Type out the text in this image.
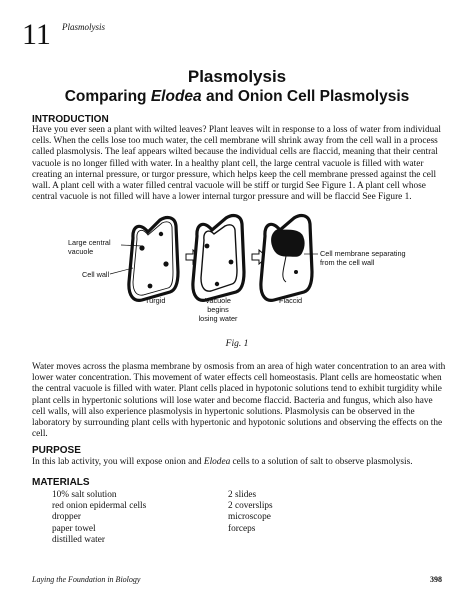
11 Plasmolysis
Plasmolysis
Comparing Elodea and Onion Cell Plasmolysis
INTRODUCTION

Have you ever seen a plant with wilted leaves? Plant leaves wilt in response to a loss of water from individual cells. When the cells lose too much water, the cell membrane will shrink away from the cell wall in a process called plasmolysis. The leaf appears wilted because the individual cells are flaccid, meaning that their central vacuole is no longer filled with water. In a healthy plant cell, the large central vacuole is filled with water creating an internal pressure, or turgor pressure, which helps keep the cell membrane pressed against the cell wall. A plant cell with a water filled central vacuole will be stiff or turgid See Figure 1. A plant cell whose central vacuole is not filled will have a lower internal turgor pressure and will be flaccid See Figure 1.

Large central
vacuole
Cell wall
Cell membrane separating
from the cell wall
Turgid	Vacuole
begins
losing water
Flaccid
Fig. 1

Water moves across the plasma membrane by osmosis from an area of high water concentration to an area with lower water concentration. This movement of water effects cell homeostasis. Plant cells are homeostatic when the central vacuole is filled with water. Plant cells placed in hypotonic solutions tend to exhibit turgidity while plant cells in hypertonic solutions will lose water and become flaccid. Bacteria and fungus, which also have cell walls, will also experience plasmolysis in hypertonic solutions. Plasmolysis can be observed in the laboratory by surrounding plant cells with hypertonic and hypotonic solutions and observing the effects on the cell.

PURPOSE

In this lab activity, you will expose onion and Elodea cells to a solution of salt to observe plasmolysis.

MATERIALS
10% salt solution
red onion epidermal cells
dropper
paper towel
distilled water
2 slides
2 coverslips
microscope
forceps
Laying the Foundation in Biology	398
